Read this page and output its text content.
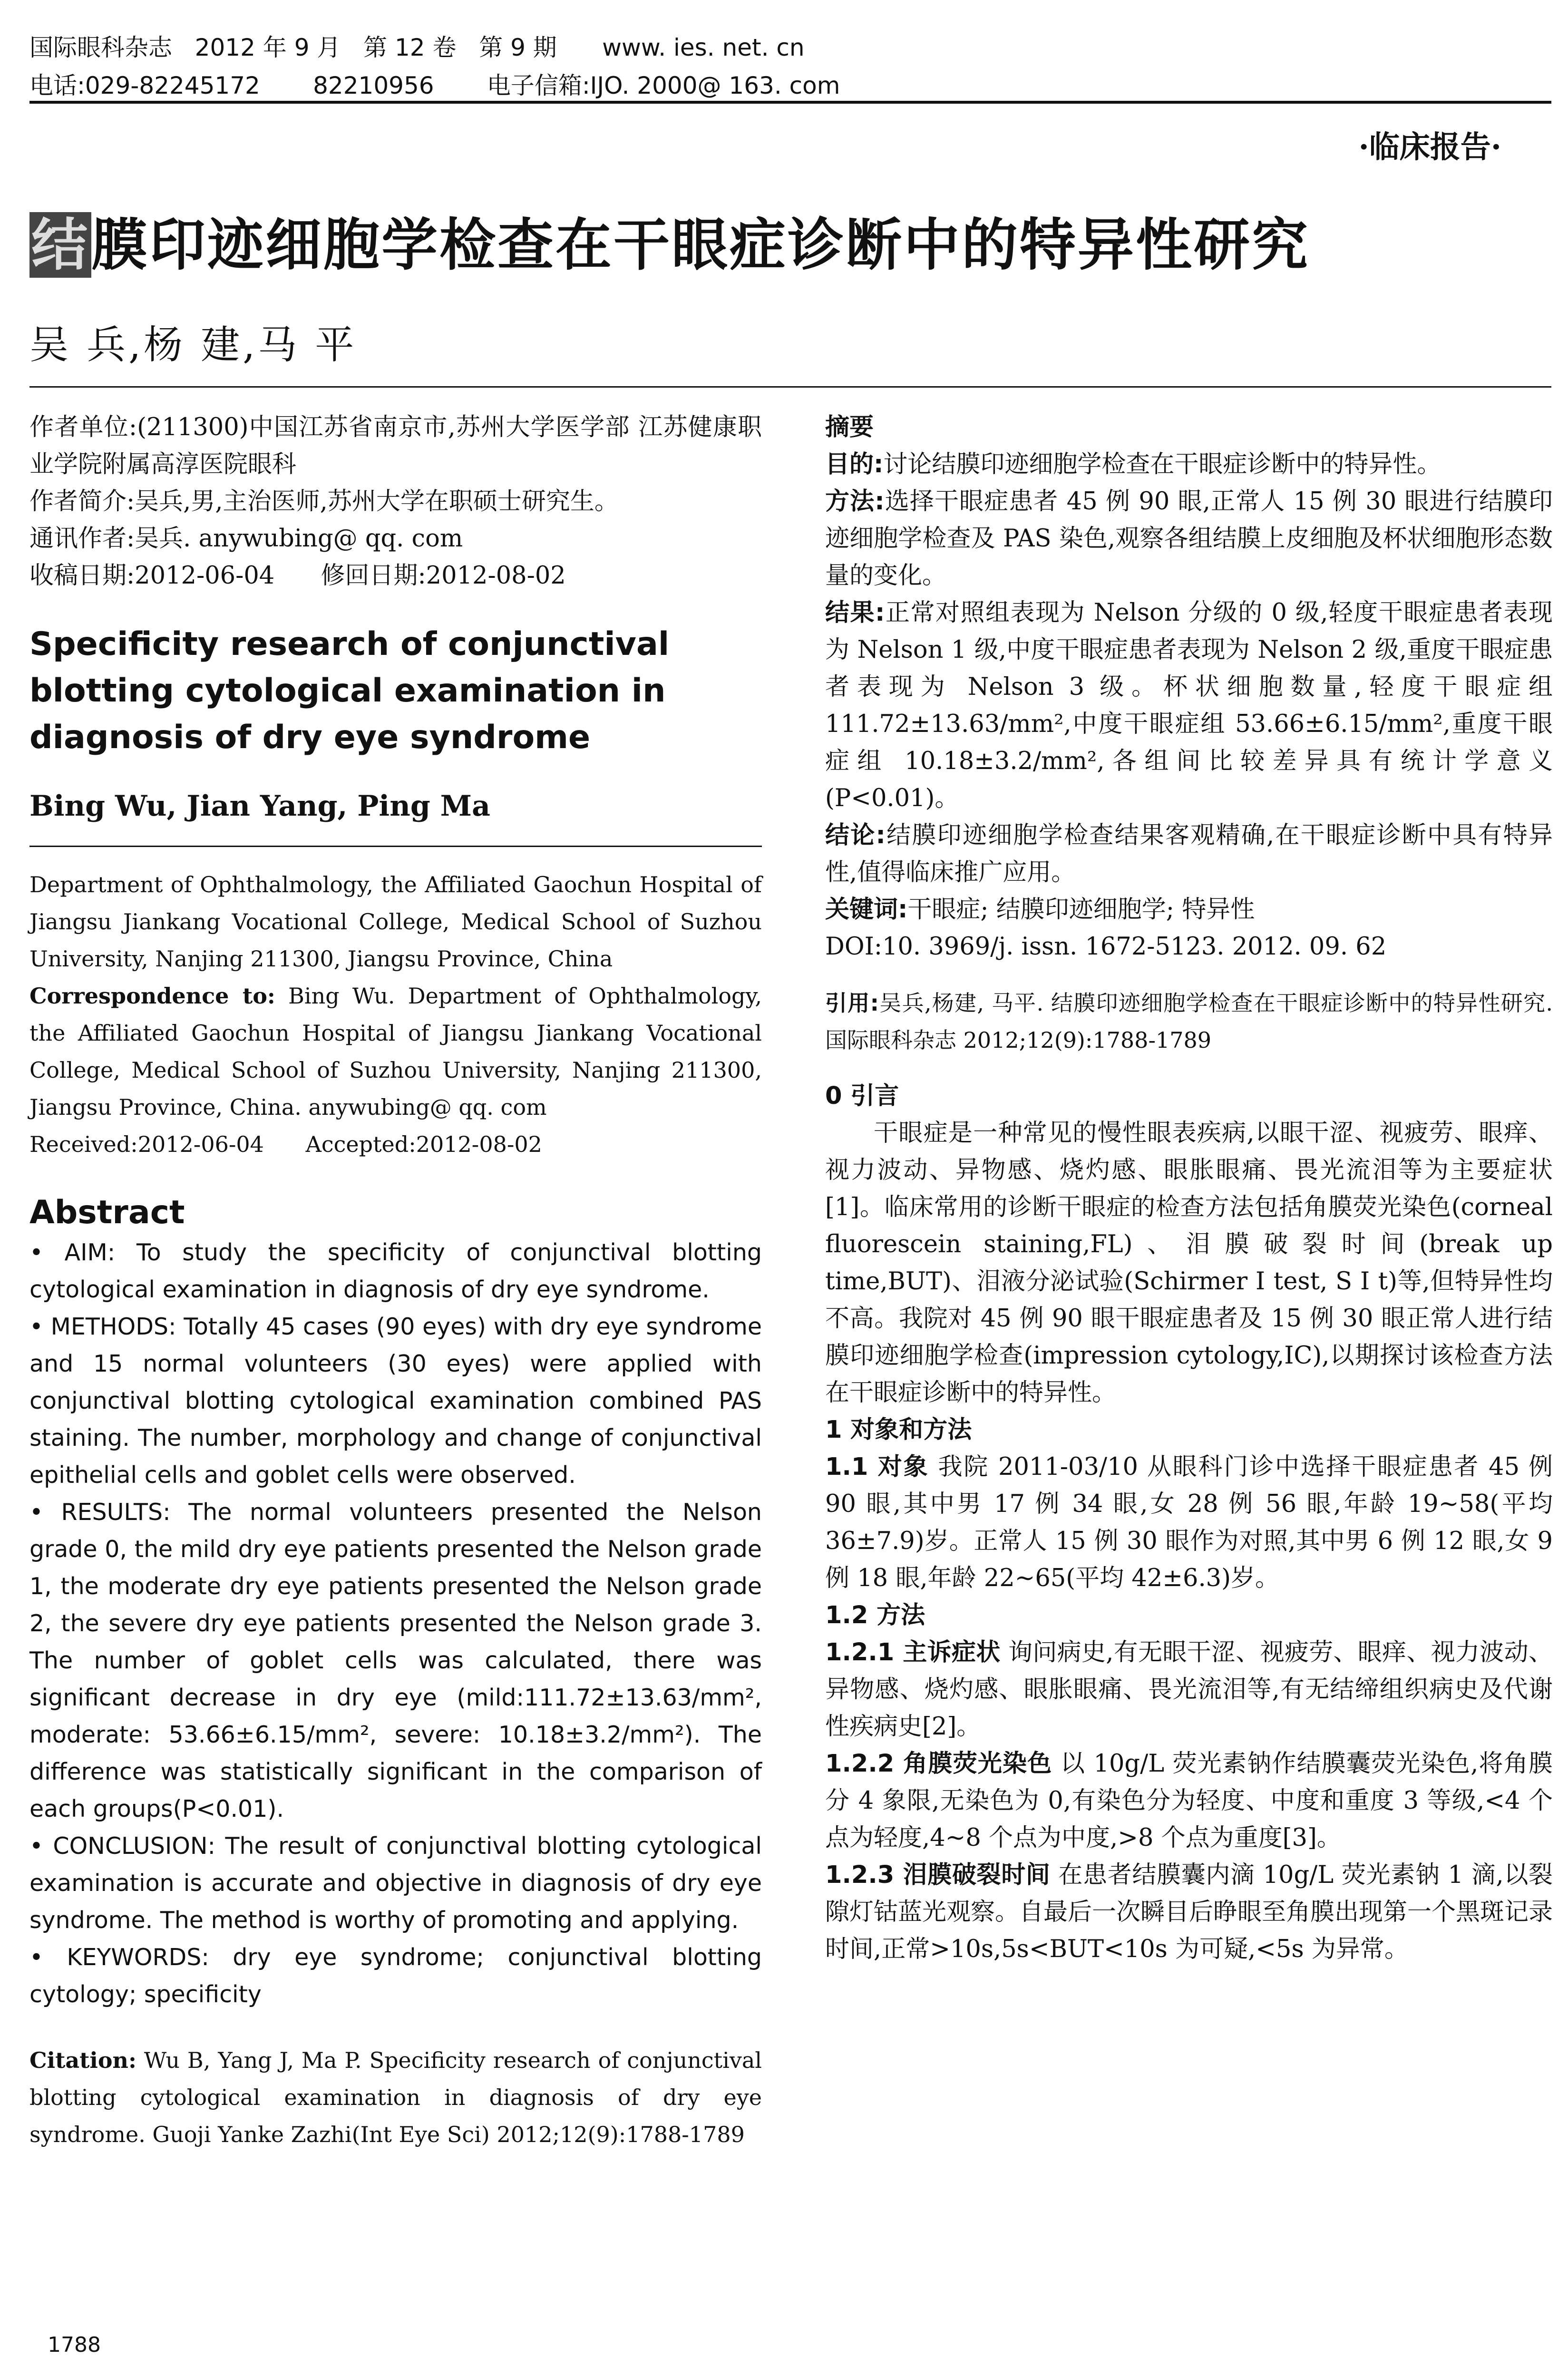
国际眼科杂志   2012 年 9 月   第 12 卷   第 9 期      www. ies. net. cn
电话:029-82245172       82210956       电子信箱:IJO. 2000@ 163. com
·临床报告·
结膜印迹细胞学检查在干眼症诊断中的特异性研究
吴 兵,杨 建,马 平

作者单位:(211300)中国江苏省南京市,苏州大学医学部 江苏健康职业学院附属高淳医院眼科

作者简介:吴兵,男,主治医师,苏州大学在职硕士研究生。

通讯作者:吴兵. anywubing@ qq. com

收稿日期:2012-06-04      修回日期:2012-08-02

Specificity research of conjunctival blotting cytological examination in diagnosis of dry eye syndrome
Bing Wu, Jian Yang, Ping Ma

Department of Ophthalmology, the Affiliated Gaochun Hospital of Jiangsu Jiankang Vocational College, Medical School of Suzhou University, Nanjing 211300, Jiangsu Province, China

Correspondence to: Bing Wu. Department of Ophthalmology, the Affiliated Gaochun Hospital of Jiangsu Jiankang Vocational College, Medical School of Suzhou University, Nanjing 211300, Jiangsu Province, China. anywubing@ qq. com

Received:2012-06-04      Accepted:2012-08-02

Abstract

• AIM: To study the specificity of conjunctival blotting cytological examination in diagnosis of dry eye syndrome.

• METHODS: Totally 45 cases (90 eyes) with dry eye syndrome and 15 normal volunteers (30 eyes) were applied with conjunctival blotting cytological examination combined PAS staining. The number, morphology and change of conjunctival epithelial cells and goblet cells were observed.

• RESULTS: The normal volunteers presented the Nelson grade 0, the mild dry eye patients presented the Nelson grade 1, the moderate dry eye patients presented the Nelson grade 2, the severe dry eye patients presented the Nelson grade 3. The number of goblet cells was calculated, there was significant decrease in dry eye (mild:111.72±13.63/mm², moderate: 53.66±6.15/mm², severe: 10.18±3.2/mm²). The difference was statistically significant in the comparison of each groups(P<0.01).

• CONCLUSION: The result of conjunctival blotting cytological examination is accurate and objective in diagnosis of dry eye syndrome. The method is worthy of promoting and applying.

• KEYWORDS: dry eye syndrome; conjunctival blotting cytology; specificity

Citation: Wu B, Yang J, Ma P. Specificity research of conjunctival blotting cytological examination in diagnosis of dry eye syndrome. Guoji Yanke Zazhi(Int Eye Sci) 2012;12(9):1788-1789

摘要

目的:讨论结膜印迹细胞学检查在干眼症诊断中的特异性。

方法:选择干眼症患者 45 例 90 眼,正常人 15 例 30 眼进行结膜印迹细胞学检查及 PAS 染色,观察各组结膜上皮细胞及杯状细胞形态数量的变化。

结果:正常对照组表现为 Nelson 分级的 0 级,轻度干眼症患者表现为 Nelson 1 级,中度干眼症患者表现为 Nelson 2 级,重度干眼症患者表现为 Nelson 3 级。杯状细胞数量,轻度干眼症组 111.72±13.63/mm²,中度干眼症组 53.66±6.15/mm²,重度干眼症组 10.18±3.2/mm²,各组间比较差异具有统计学意义(P<0.01)。

结论:结膜印迹细胞学检查结果客观精确,在干眼症诊断中具有特异性,值得临床推广应用。

关键词:干眼症; 结膜印迹细胞学; 特异性

DOI:10. 3969/j. issn. 1672-5123. 2012. 09. 62

引用:吴兵,杨建, 马平. 结膜印迹细胞学检查在干眼症诊断中的特异性研究. 国际眼科杂志 2012;12(9):1788-1789

0 引言

干眼症是一种常见的慢性眼表疾病,以眼干涩、视疲劳、眼痒、视力波动、异物感、烧灼感、眼胀眼痛、畏光流泪等为主要症状[1]。临床常用的诊断干眼症的检查方法包括角膜荧光染色(corneal fluorescein staining,FL)、泪膜破裂时间(break up time,BUT)、泪液分泌试验(Schirmer Ⅰ test, S Ⅰ t)等,但特异性均不高。我院对 45 例 90 眼干眼症患者及 15 例 30 眼正常人进行结膜印迹细胞学检查(impression cytology,IC),以期探讨该检查方法在干眼症诊断中的特异性。

1 对象和方法

1.1 对象 我院 2011-03/10 从眼科门诊中选择干眼症患者 45 例 90 眼,其中男 17 例 34 眼,女 28 例 56 眼,年龄 19~58(平均 36±7.9)岁。正常人 15 例 30 眼作为对照,其中男 6 例 12 眼,女 9 例 18 眼,年龄 22~65(平均 42±6.3)岁。

1.2 方法

1.2.1 主诉症状 询问病史,有无眼干涩、视疲劳、眼痒、视力波动、异物感、烧灼感、眼胀眼痛、畏光流泪等,有无结缔组织病史及代谢性疾病史[2]。

1.2.2 角膜荧光染色 以 10g/L 荧光素钠作结膜囊荧光染色,将角膜分 4 象限,无染色为 0,有染色分为轻度、中度和重度 3 等级,<4 个点为轻度,4~8 个点为中度,>8 个点为重度[3]。

1.2.3 泪膜破裂时间 在患者结膜囊内滴 10g/L 荧光素钠 1 滴,以裂隙灯钴蓝光观察。自最后一次瞬目后睁眼至角膜出现第一个黑斑记录时间,正常>10s,5s<BUT<10s 为可疑,<5s 为异常。

1788
